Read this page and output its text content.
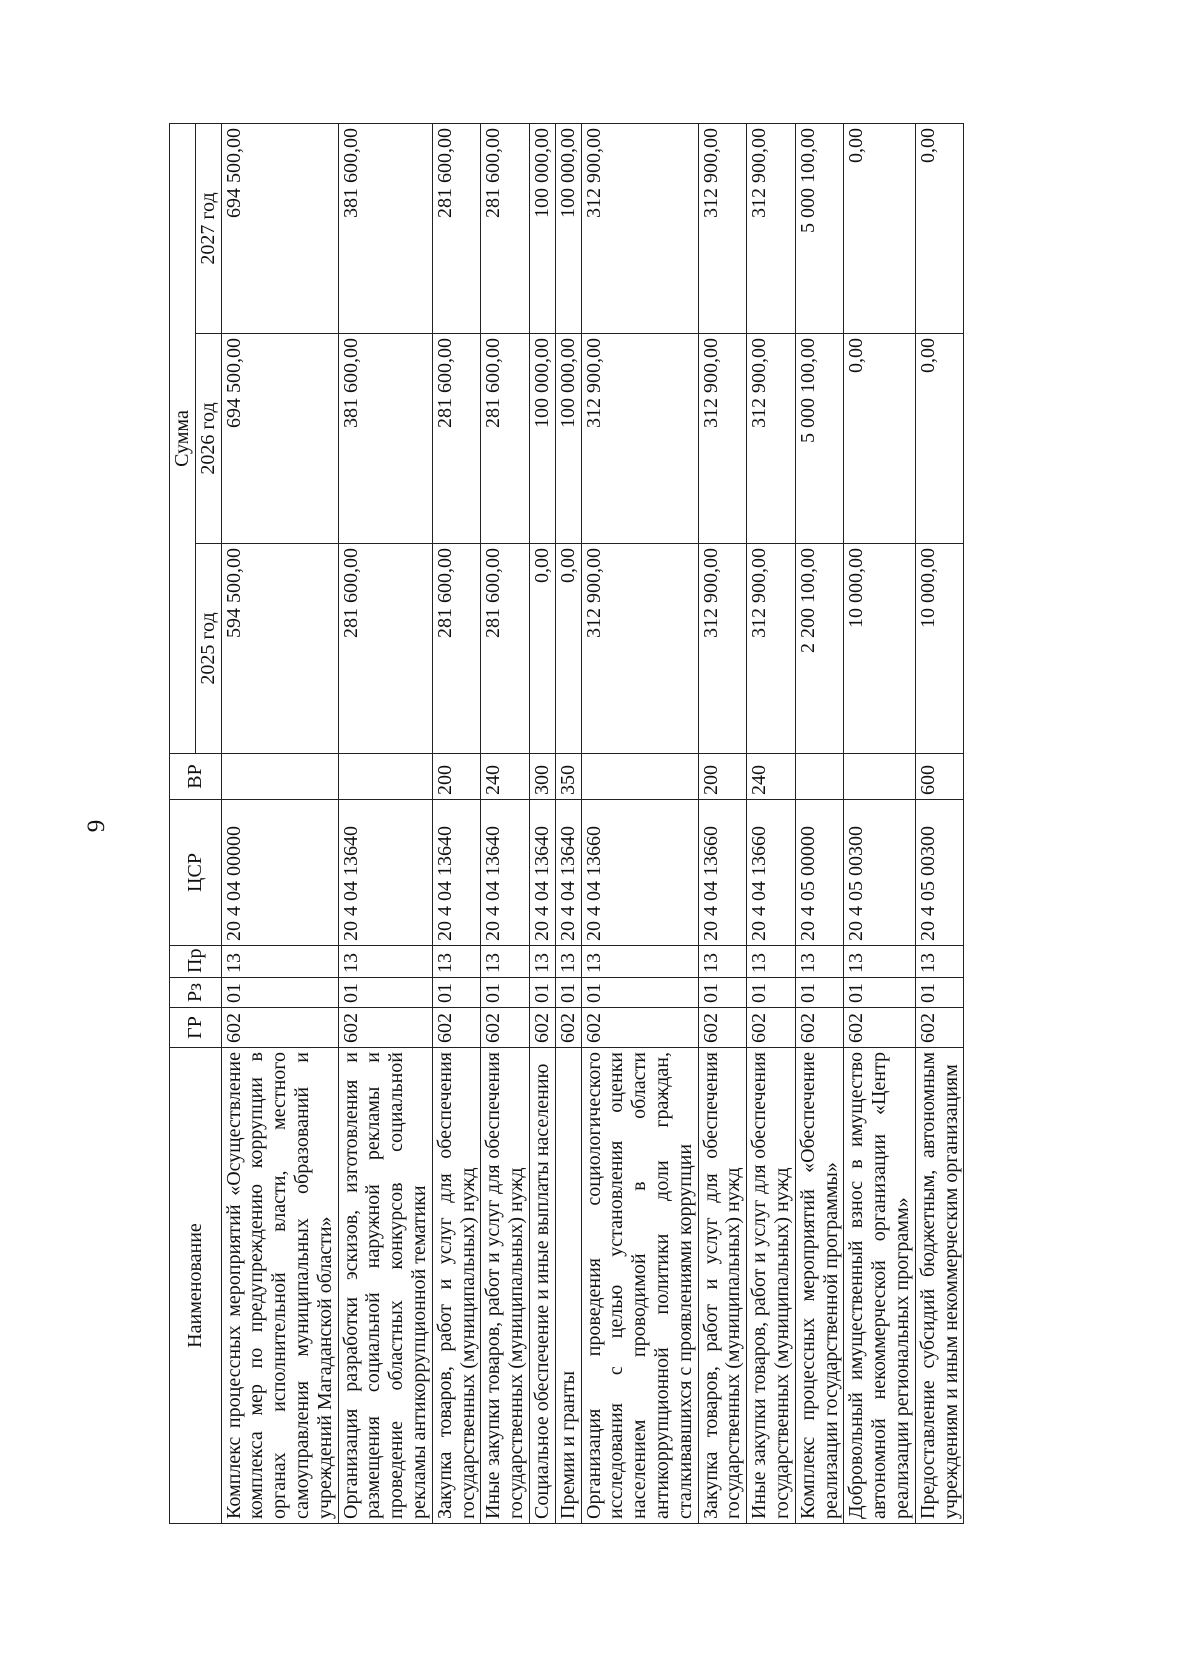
9
Наименование	ГР	Рз	Пр	ЦСР	ВР	Сумма		
						2025 год	2026 год	2027 год
Комплекс процессных мероприятий «Осуществление комплекса мер по предупреждению коррупции в органах исполнительной власти, местного самоуправления муниципальных образований и учреждений Магаданской области»	602	01	13	20 4 04 00000		594 500,00	694 500,00	694 500,00
Организация разработки эскизов, изготовления и размещения социальной наружной рекламы и проведение областных конкурсов социальной рекламы антикоррупционной тематики	602	01	13	20 4 04 13640		281 600,00	381 600,00	381 600,00
Закупка товаров, работ и услуг для обеспечения государственных (муниципальных) нужд	602	01	13	20 4 04 13640	200	281 600,00	281 600,00	281 600,00
Иные закупки товаров, работ и услуг для обеспечения государственных (муниципальных) нужд	602	01	13	20 4 04 13640	240	281 600,00	281 600,00	281 600,00
Социальное обеспечение и иные выплаты населению	602	01	13	20 4 04 13640	300	0,00	100 000,00	100 000,00
Премии и гранты	602	01	13	20 4 04 13640	350	0,00	100 000,00	100 000,00
Организация проведения социологического исследования с целью установления оценки населением проводимой в области антикоррупционной политики доли граждан, сталкивавшихся с проявлениями коррупции	602	01	13	20 4 04 13660		312 900,00	312 900,00	312 900,00
Закупка товаров, работ и услуг для обеспечения государственных (муниципальных) нужд	602	01	13	20 4 04 13660	200	312 900,00	312 900,00	312 900,00
Иные закупки товаров, работ и услуг для обеспечения государственных (муниципальных) нужд	602	01	13	20 4 04 13660	240	312 900,00	312 900,00	312 900,00
Комплекс процессных мероприятий «Обеспечение реализации государственной программы»	602	01	13	20 4 05 00000		2 200 100,00	5 000 100,00	5 000 100,00
Добровольный имущественный взнос в имущество автономной некоммерческой организации «Центр реализации региональных программ»	602	01	13	20 4 05 00300		10 000,00	0,00	0,00
Предоставление субсидий бюджетным, автономным учреждениям и иным некоммерческим организациям	602	01	13	20 4 05 00300	600	10 000,00	0,00	0,00
